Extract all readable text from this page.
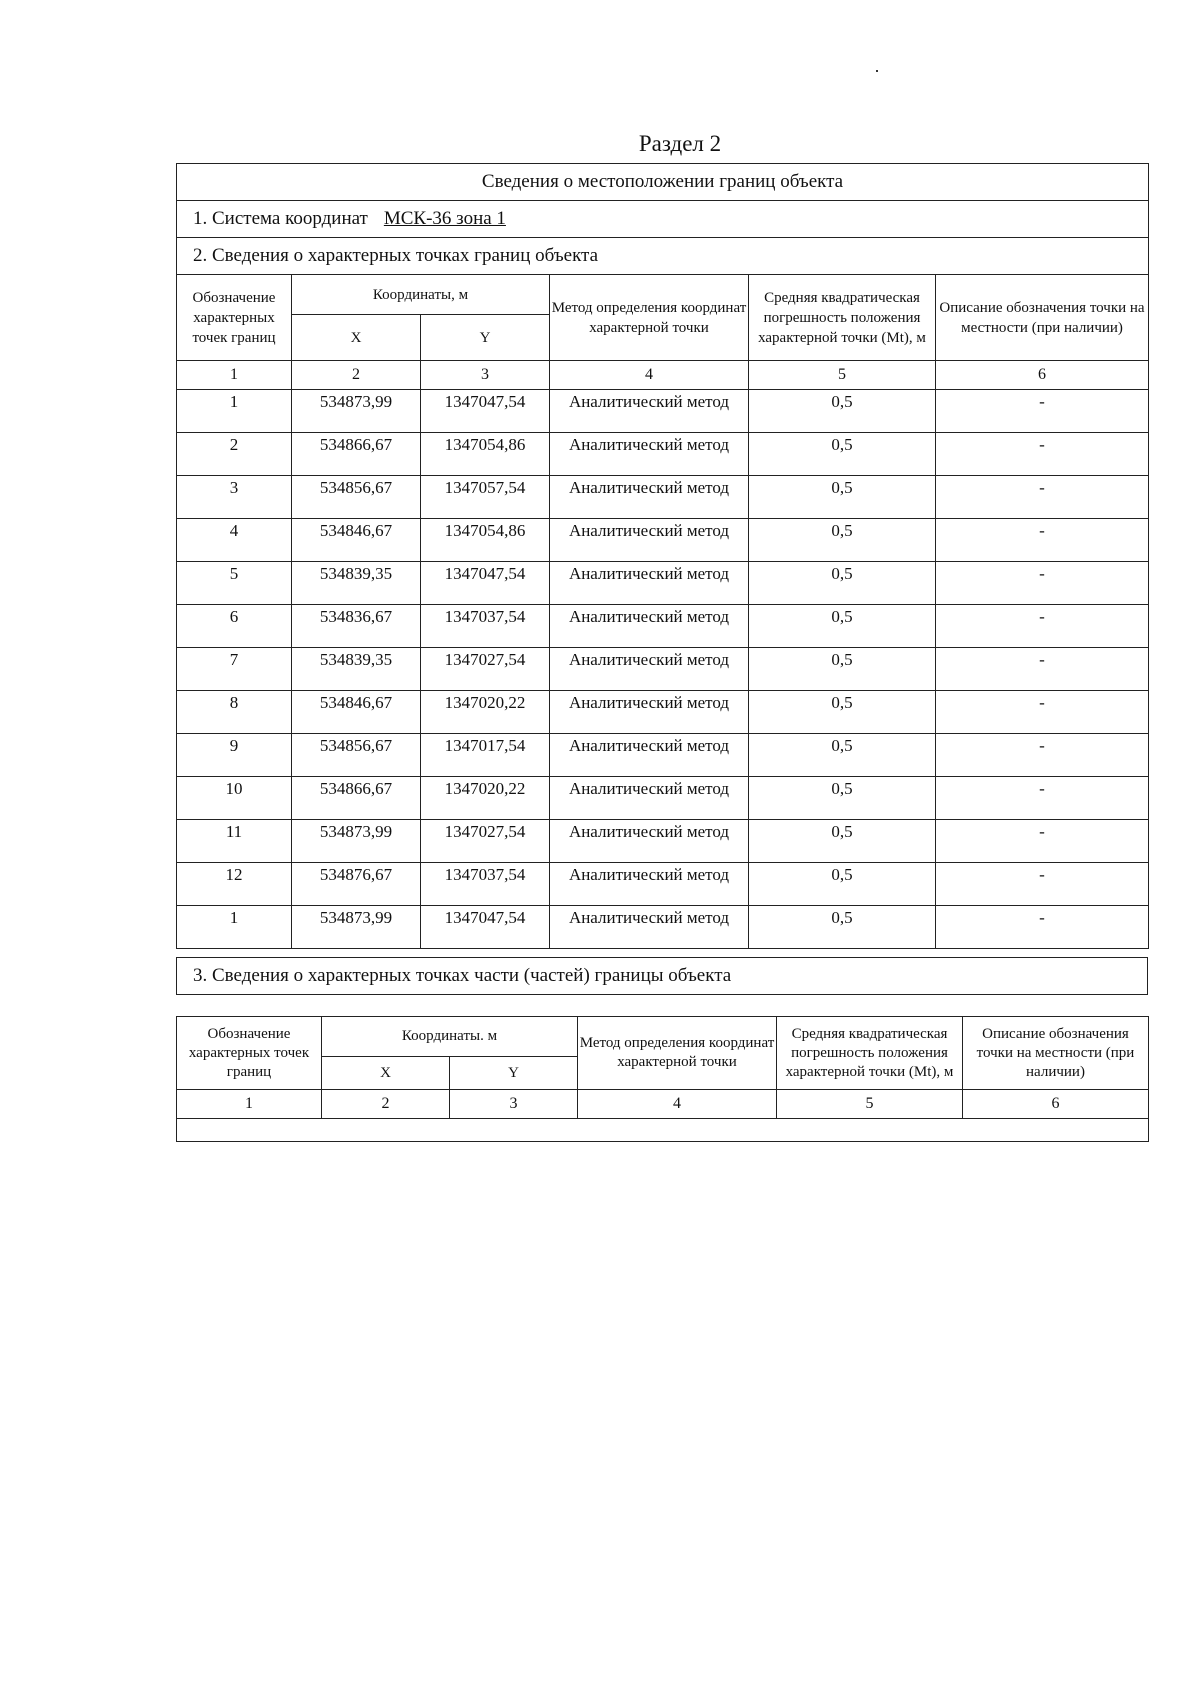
Раздел 2
Сведения о местоположении границ объекта					
1. Система координат МСК-36 зона 1					
2. Сведения о характерных точках границ объекта					
Обозначение характерных точек границ	Координаты, м		Метод определения координат характерной точки	Средняя квадратическая погрешность положения характерной точки (Mt), м	Описание обозначения точки на местности (при наличии)
	X	Y			
1	2	3	4	5	6
1	534873,99	1347047,54	Аналитический метод	0,5	-
2	534866,67	1347054,86	Аналитический метод	0,5	-
3	534856,67	1347057,54	Аналитический метод	0,5	-
4	534846,67	1347054,86	Аналитический метод	0,5	-
5	534839,35	1347047,54	Аналитический метод	0,5	-
6	534836,67	1347037,54	Аналитический метод	0,5	-
7	534839,35	1347027,54	Аналитический метод	0,5	-
8	534846,67	1347020,22	Аналитический метод	0,5	-
9	534856,67	1347017,54	Аналитический метод	0,5	-
10	534866,67	1347020,22	Аналитический метод	0,5	-
11	534873,99	1347027,54	Аналитический метод	0,5	-
12	534876,67	1347037,54	Аналитический метод	0,5	-
1	534873,99	1347047,54	Аналитический метод	0,5	-
3. Сведения о характерных точках части (частей) границы объекта
Обозначение характерных точек границ	Координаты. м		Метод определения координат характерной точки	Средняя квадратическая погрешность положения характерной точки (Mt), м	Описание обозначения точки на местности (при наличии)
	X	Y			
1	2	3	4	5	6
